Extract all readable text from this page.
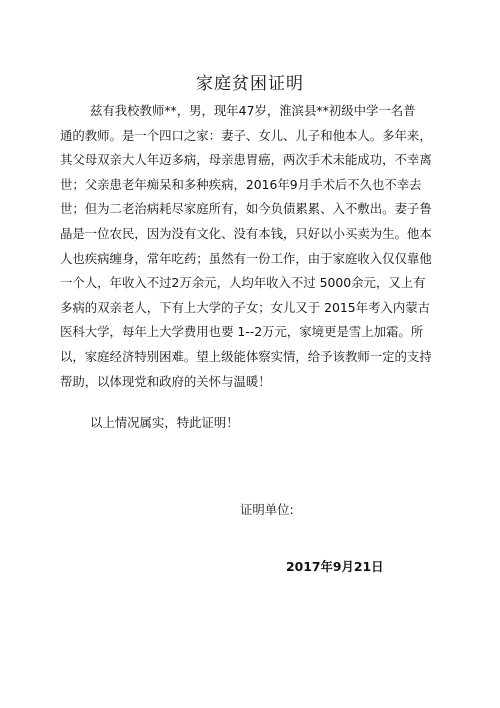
家庭贫困证明
兹有我校教师**，男，现年47岁，淮滨县**初级中学一名普
通的教师。是一个四口之家：妻子、女儿、儿子和他本人。多年来，
其父母双亲大人年迈多病，母亲患胃癌，两次手术未能成功，不幸离
世；父亲患老年痴呆和多种疾病，2016年9月手术后不久也不幸去
世；但为二老治病耗尽家庭所有，如今负债累累、入不敷出。妻子鲁
晶是一位农民，因为没有文化、没有本钱，只好以小买卖为生。他本
人也疾病缠身，常年吃药；虽然有一份工作，由于家庭收入仅仅靠他
一个人，年收入不过2万余元，人均年收入不过 5000余元，又上有
多病的双亲老人，下有上大学的子女；女儿又于 2015年考入内蒙古
医科大学，每年上大学费用也要 1--2万元，家境更是雪上加霜。所
以，家庭经济特别困难。望上级能体察实情，给予该教师一定的支持
帮助，以体现党和政府的关怀与温暖！
以上情况属实，特此证明！
证明单位:
2017年9月21日
